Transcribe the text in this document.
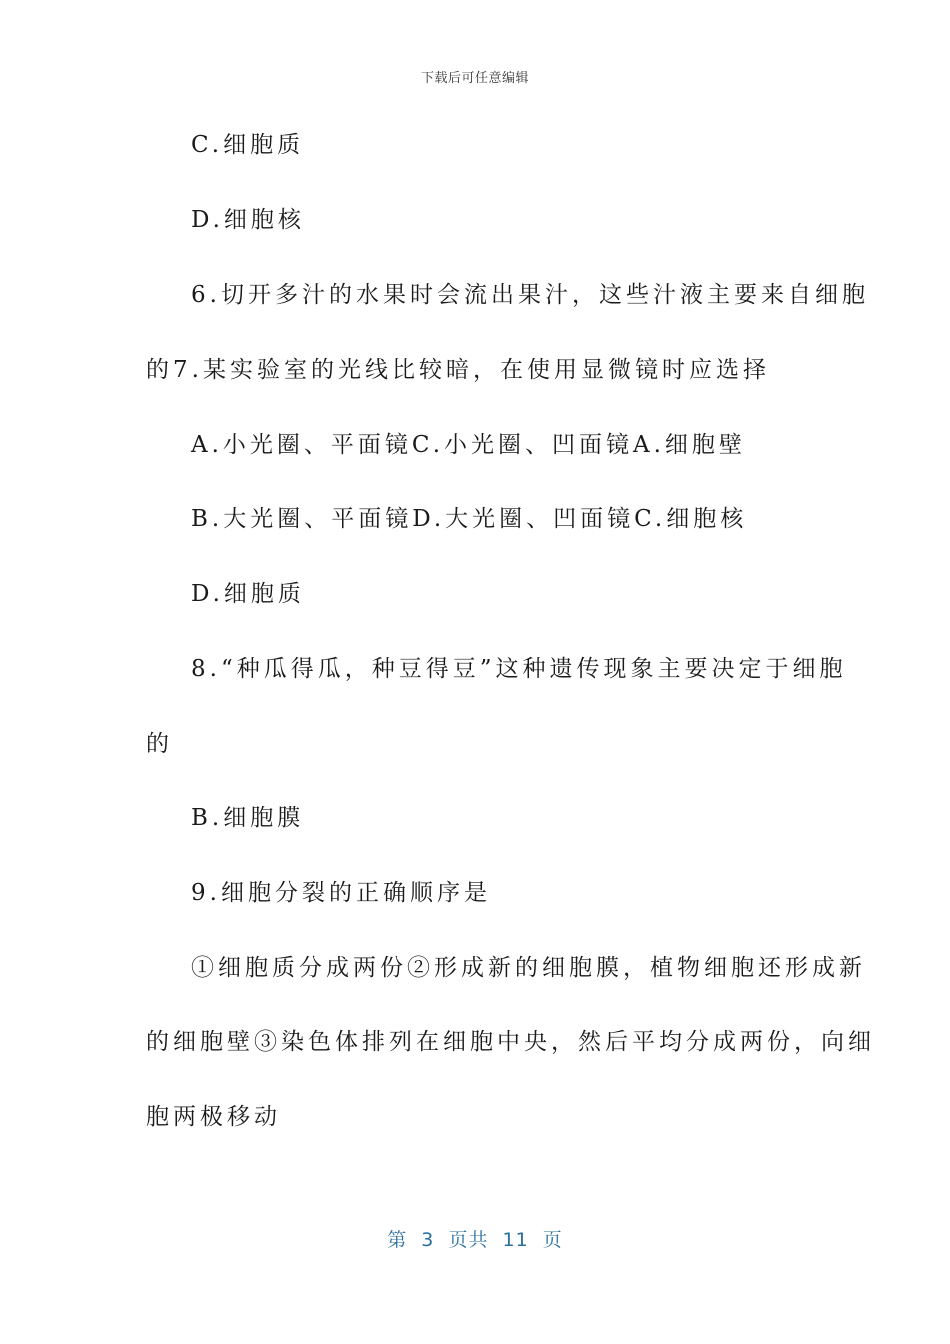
下载后可任意编辑
C.细胞质
D.细胞核
6.切开多汁的水果时会流出果汁，这些汁液主要来自细胞
的7.某实验室的光线比较暗，在使用显微镜时应选择
A.小光圈、平面镜C.小光圈、凹面镜A.细胞壁
B.大光圈、平面镜D.大光圈、凹面镜C.细胞核
D.细胞质
8.“种瓜得瓜，种豆得豆”这种遗传现象主要决定于细胞
的
B.细胞膜
9.细胞分裂的正确顺序是
①细胞质分成两份②形成新的细胞膜，植物细胞还形成新
的细胞壁③染色体排列在细胞中央，然后平均分成两份，向细
胞两极移动
第  3  页共  11  页
